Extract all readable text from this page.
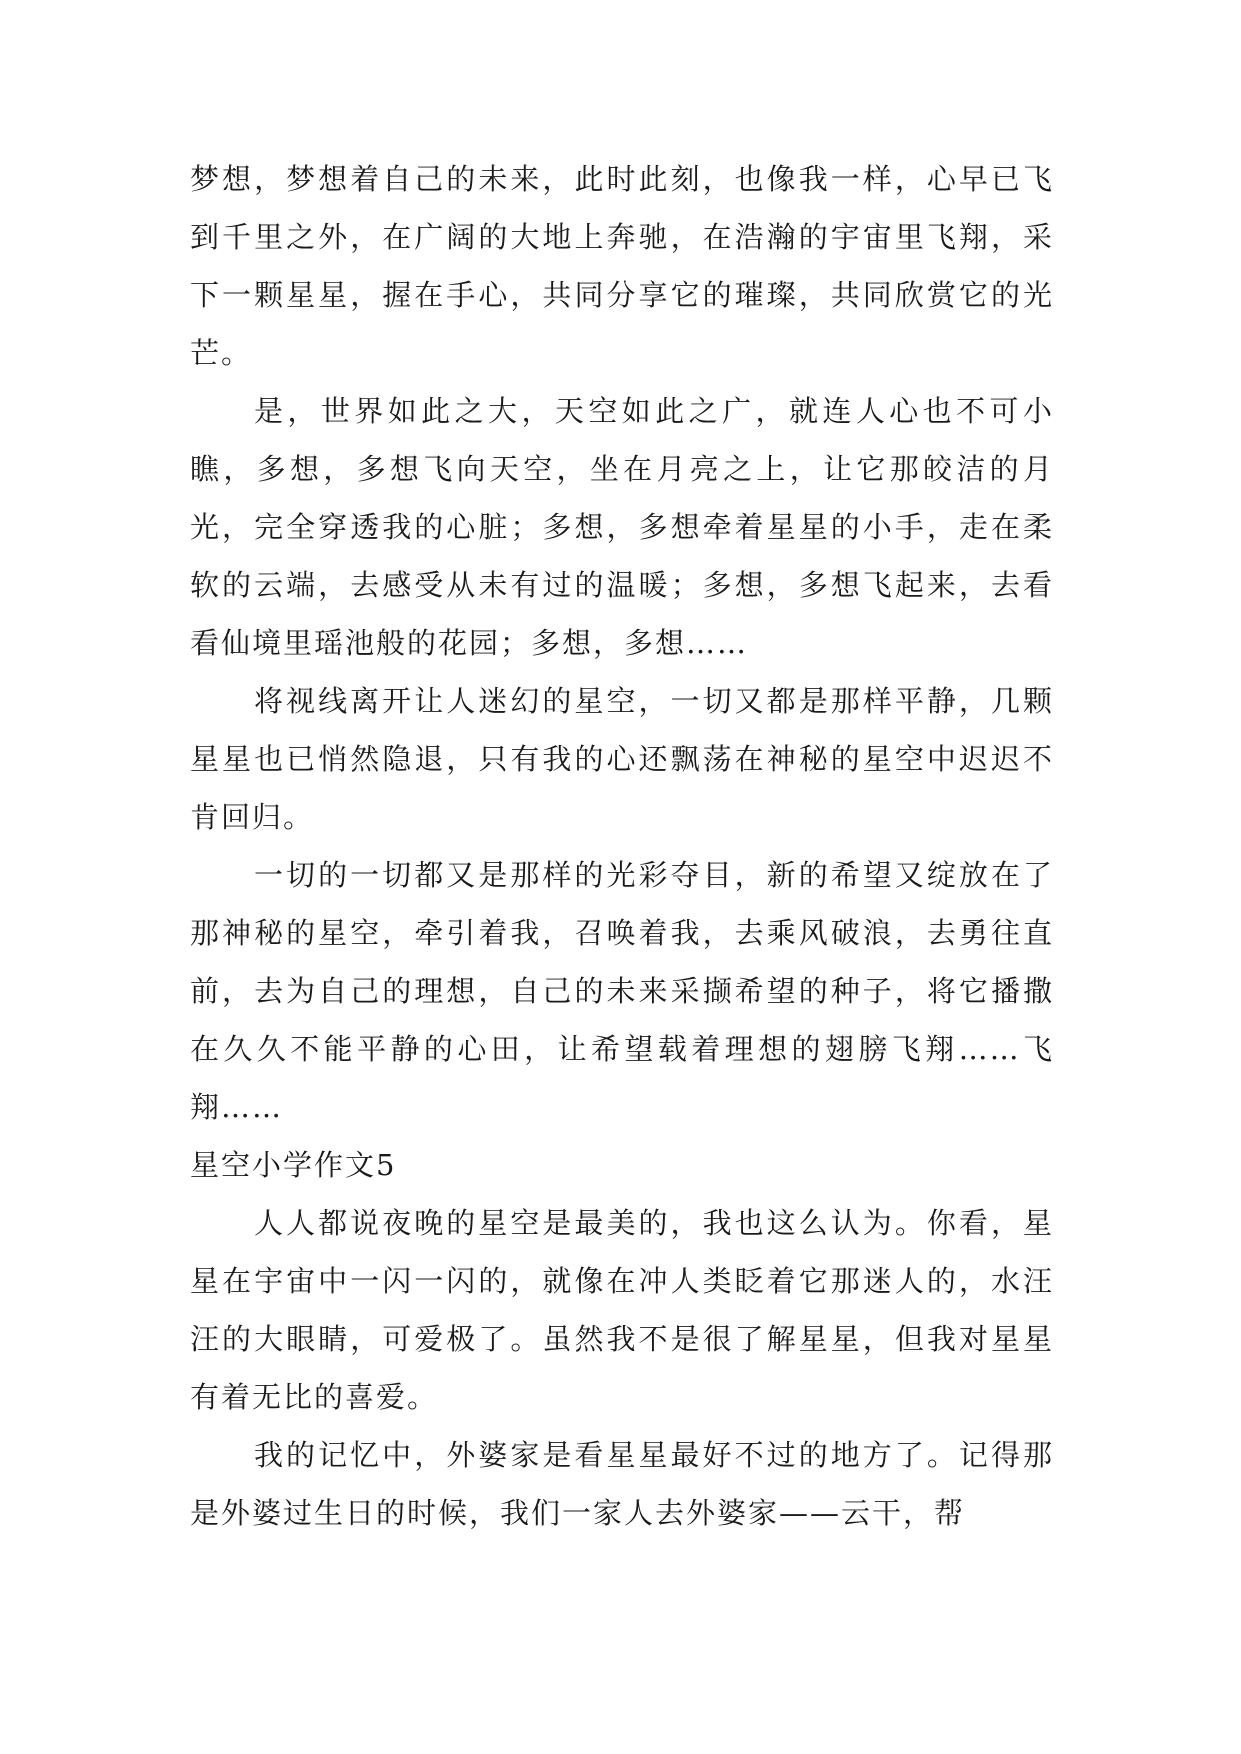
梦想，梦想着自己的未来，此时此刻，也像我一样，心早已飞到千里之外，在广阔的大地上奔驰，在浩瀚的宇宙里飞翔，采下一颗星星，握在手心，共同分享它的璀璨，共同欣赏它的光芒。

是，世界如此之大，天空如此之广，就连人心也不可小瞧，多想，多想飞向天空，坐在月亮之上，让它那皎洁的月光，完全穿透我的心脏；多想，多想牵着星星的小手，走在柔软的云端，去感受从未有过的温暖；多想，多想飞起来，去看看仙境里瑶池般的花园；多想，多想……

将视线离开让人迷幻的星空，一切又都是那样平静，几颗星星也已悄然隐退，只有我的心还飘荡在神秘的星空中迟迟不肯回归。

一切的一切都又是那样的光彩夺目，新的希望又绽放在了那神秘的星空，牵引着我，召唤着我，去乘风破浪，去勇往直前，去为自己的理想，自己的未来采撷希望的种子，将它播撒在久久不能平静的心田，让希望载着理想的翅膀飞翔……飞翔……

星空小学作文5

人人都说夜晚的星空是最美的，我也这么认为。你看，星星在宇宙中一闪一闪的，就像在冲人类眨着它那迷人的，水汪汪的大眼睛，可爱极了。虽然我不是很了解星星，但我对星星有着无比的喜爱。

我的记忆中，外婆家是看星星最好不过的地方了。记得那是外婆过生日的时候，我们一家人去外婆家——云干，帮
